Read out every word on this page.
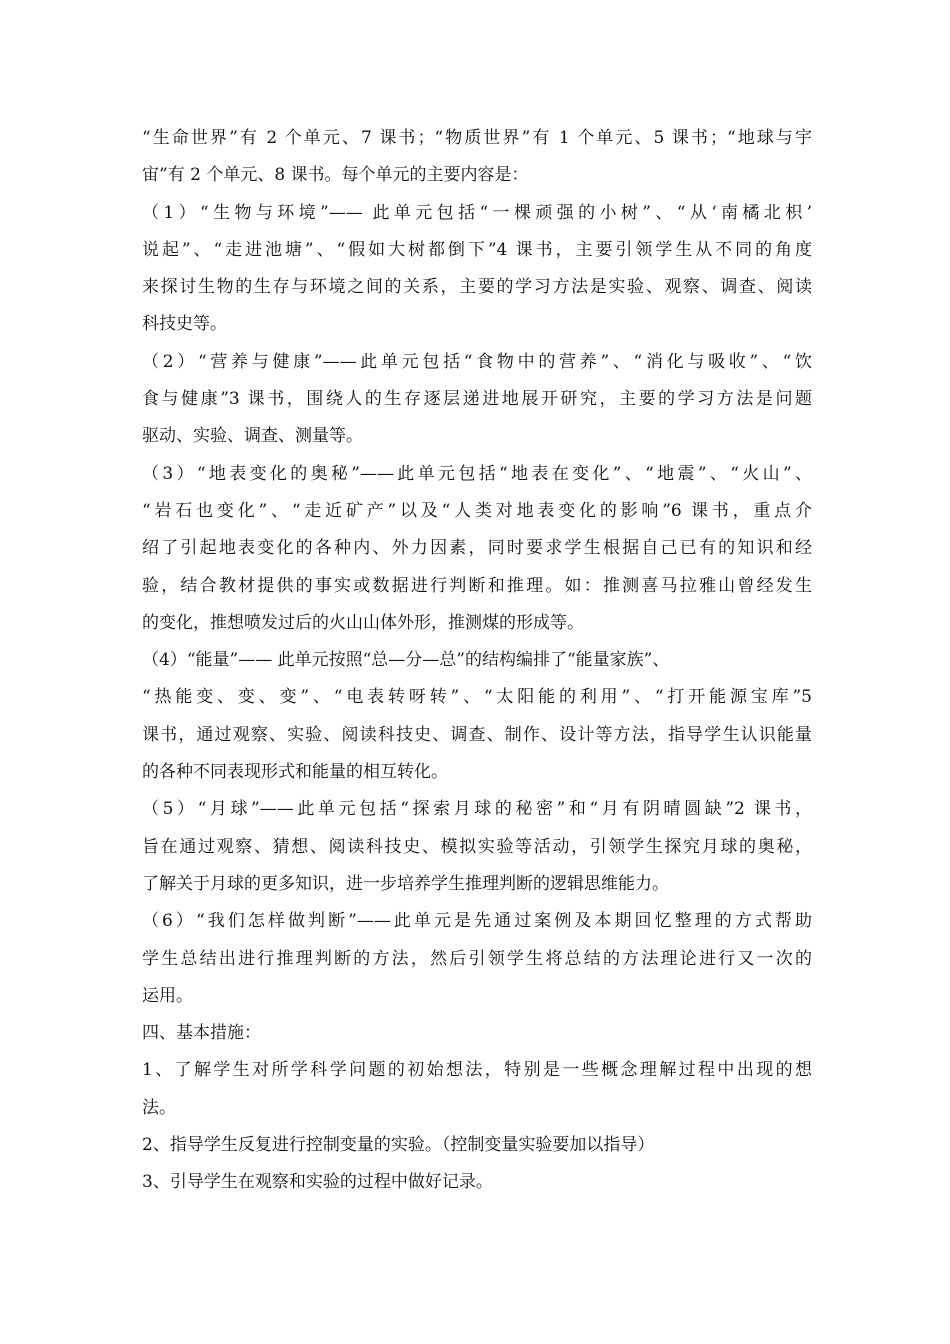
“生命世界”有 2 个单元、7 课书；“物质世界”有 1 个单元、5 课书；“地球与宇
宙”有 2 个单元、8 课书。每个单元的主要内容是：
（1）“生物与环境”—— 此单元包括“一棵顽强的小树”、“从‘南橘北枳’
说起”、“走进池塘”、“假如大树都倒下”4 课书，主要引领学生从不同的角度
来探讨生物的生存与环境之间的关系，主要的学习方法是实验、观察、调查、阅读
科技史等。
（2）“营养与健康”——此单元包括“食物中的营养”、“消化与吸收”、“饮
食与健康”3 课书，围绕人的生存逐层递进地展开研究，主要的学习方法是问题
驱动、实验、调查、测量等。
（3）“地表变化的奥秘”——此单元包括“地表在变化”、“地震”、“火山”、
“岩石也变化”、“走近矿产”以及“人类对地表变化的影响”6 课书，重点介
绍了引起地表变化的各种内、外力因素，同时要求学生根据自己已有的知识和经
验，结合教材提供的事实或数据进行判断和推理。如：推测喜马拉雅山曾经发生
的变化，推想喷发过后的火山山体外形，推测煤的形成等。
（4）“能量”—— 此单元按照“总—分—总”的结构编排了“能量家族”、
“热能变、变、变”、“电表转呀转”、“太阳能的利用”、“打开能源宝库”5
课书，通过观察、实验、阅读科技史、调查、制作、设计等方法，指导学生认识能量
的各种不同表现形式和能量的相互转化。
（5）“月球”——此单元包括“探索月球的秘密”和“月有阴晴圆缺”2 课书，
旨在通过观察、猜想、阅读科技史、模拟实验等活动，引领学生探究月球的奥秘，
了解关于月球的更多知识，进一步培养学生推理判断的逻辑思维能力。
（6）“我们怎样做判断”——此单元是先通过案例及本期回忆整理的方式帮助
学生总结出进行推理判断的方法，然后引领学生将总结的方法理论进行又一次的
运用。
四、基本措施：
1、了解学生对所学科学问题的初始想法，特别是一些概念理解过程中出现的想
法。
2、指导学生反复进行控制变量的实验。（控制变量实验要加以指导）
3、引导学生在观察和实验的过程中做好记录。
